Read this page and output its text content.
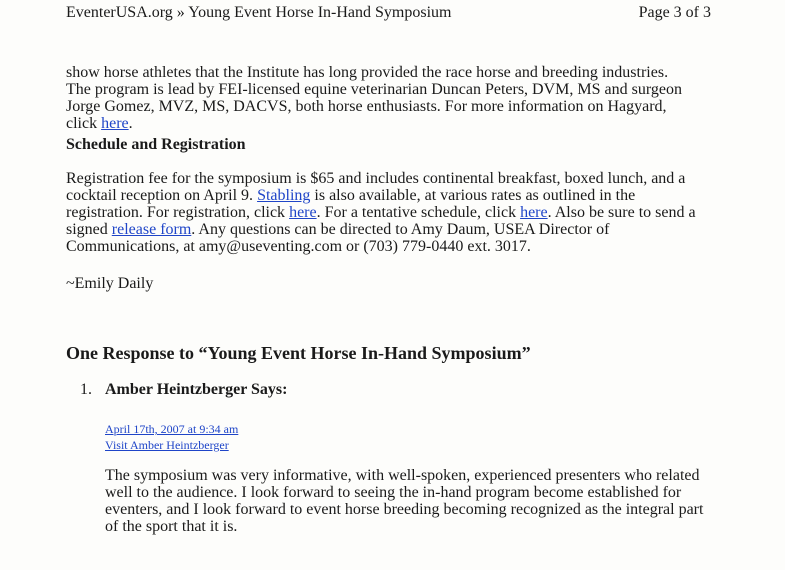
EventerUSA.org » Young Event Horse In-Hand Symposium	Page 3 of 3

show horse athletes that the Institute has long provided the race horse and breeding industries. The program is lead by FEI-licensed equine veterinarian Duncan Peters, DVM, MS and surgeon Jorge Gomez, MVZ, MS, DACVS, both horse enthusiasts. For more information on Hagyard, click here.

Schedule and Registration

Registration fee for the symposium is $65 and includes continental breakfast, boxed lunch, and a cocktail reception on April 9. Stabling is also available, at various rates as outlined in the registration. For registration, click here. For a tentative schedule, click here. Also be sure to send a signed release form. Any questions can be directed to Amy Daum, USEA Director of Communications, at amy@useventing.com or (703) 779-0440 ext. 3017.

~Emily Daily

One Response to “Young Event Horse In-Hand Symposium”

1. Amber Heintzberger Says:
April 17th, 2007 at 9:34 am
Visit Amber Heintzberger

The symposium was very informative, with well-spoken, experienced presenters who related well to the audience. I look forward to seeing the in-hand program become established for eventers, and I look forward to event horse breeding becoming recognized as the integral part of the sport that it is.
